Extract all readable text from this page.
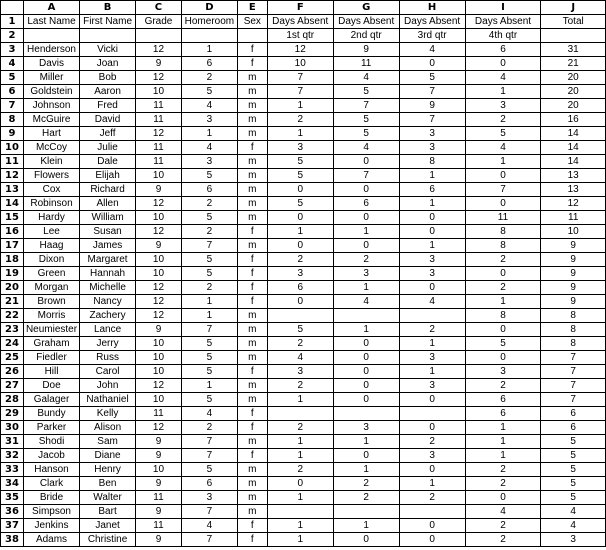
	A	B	C	D	E	F	G	H	I	J
1	Last Name	First Name	Grade	Homeroom	Sex	Days Absent	Days Absent	Days Absent	Days Absent	Total
2						1st qtr	2nd qtr	3rd qtr	4th qtr	
3	Henderson	Vicki	12	1	f	12	9	4	6	31
4	Davis	Joan	9	6	f	10	11	0	0	21
5	Miller	Bob	12	2	m	7	4	5	4	20
6	Goldstein	Aaron	10	5	m	7	5	7	1	20
7	Johnson	Fred	11	4	m	1	7	9	3	20
8	McGuire	David	11	3	m	2	5	7	2	16
9	Hart	Jeff	12	1	m	1	5	3	5	14
10	McCoy	Julie	11	4	f	3	4	3	4	14
11	Klein	Dale	11	3	m	5	0	8	1	14
12	Flowers	Elijah	10	5	m	5	7	1	0	13
13	Cox	Richard	9	6	m	0	0	6	7	13
14	Robinson	Allen	12	2	m	5	6	1	0	12
15	Hardy	William	10	5	m	0	0	0	11	11
16	Lee	Susan	12	2	f	1	1	0	8	10
17	Haag	James	9	7	m	0	0	1	8	9
18	Dixon	Margaret	10	5	f	2	2	3	2	9
19	Green	Hannah	10	5	f	3	3	3	0	9
20	Morgan	Michelle	12	2	f	6	1	0	2	9
21	Brown	Nancy	12	1	f	0	4	4	1	9
22	Morris	Zachery	12	1	m				8	8
23	Neumiester	Lance	9	7	m	5	1	2	0	8
24	Graham	Jerry	10	5	m	2	0	1	5	8
25	Fiedler	Russ	10	5	m	4	0	3	0	7
26	Hill	Carol	10	5	f	3	0	1	3	7
27	Doe	John	12	1	m	2	0	3	2	7
28	Galager	Nathaniel	10	5	m	1	0	0	6	7
29	Bundy	Kelly	11	4	f				6	6
30	Parker	Alison	12	2	f	2	3	0	1	6
31	Shodi	Sam	9	7	m	1	1	2	1	5
32	Jacob	Diane	9	7	f	1	0	3	1	5
33	Hanson	Henry	10	5	m	2	1	0	2	5
34	Clark	Ben	9	6	m	0	2	1	2	5
35	Bride	Walter	11	3	m	1	2	2	0	5
36	Simpson	Bart	9	7	m				4	4
37	Jenkins	Janet	11	4	f	1	1	0	2	4
38	Adams	Christine	9	7	f	1	0	0	2	3
